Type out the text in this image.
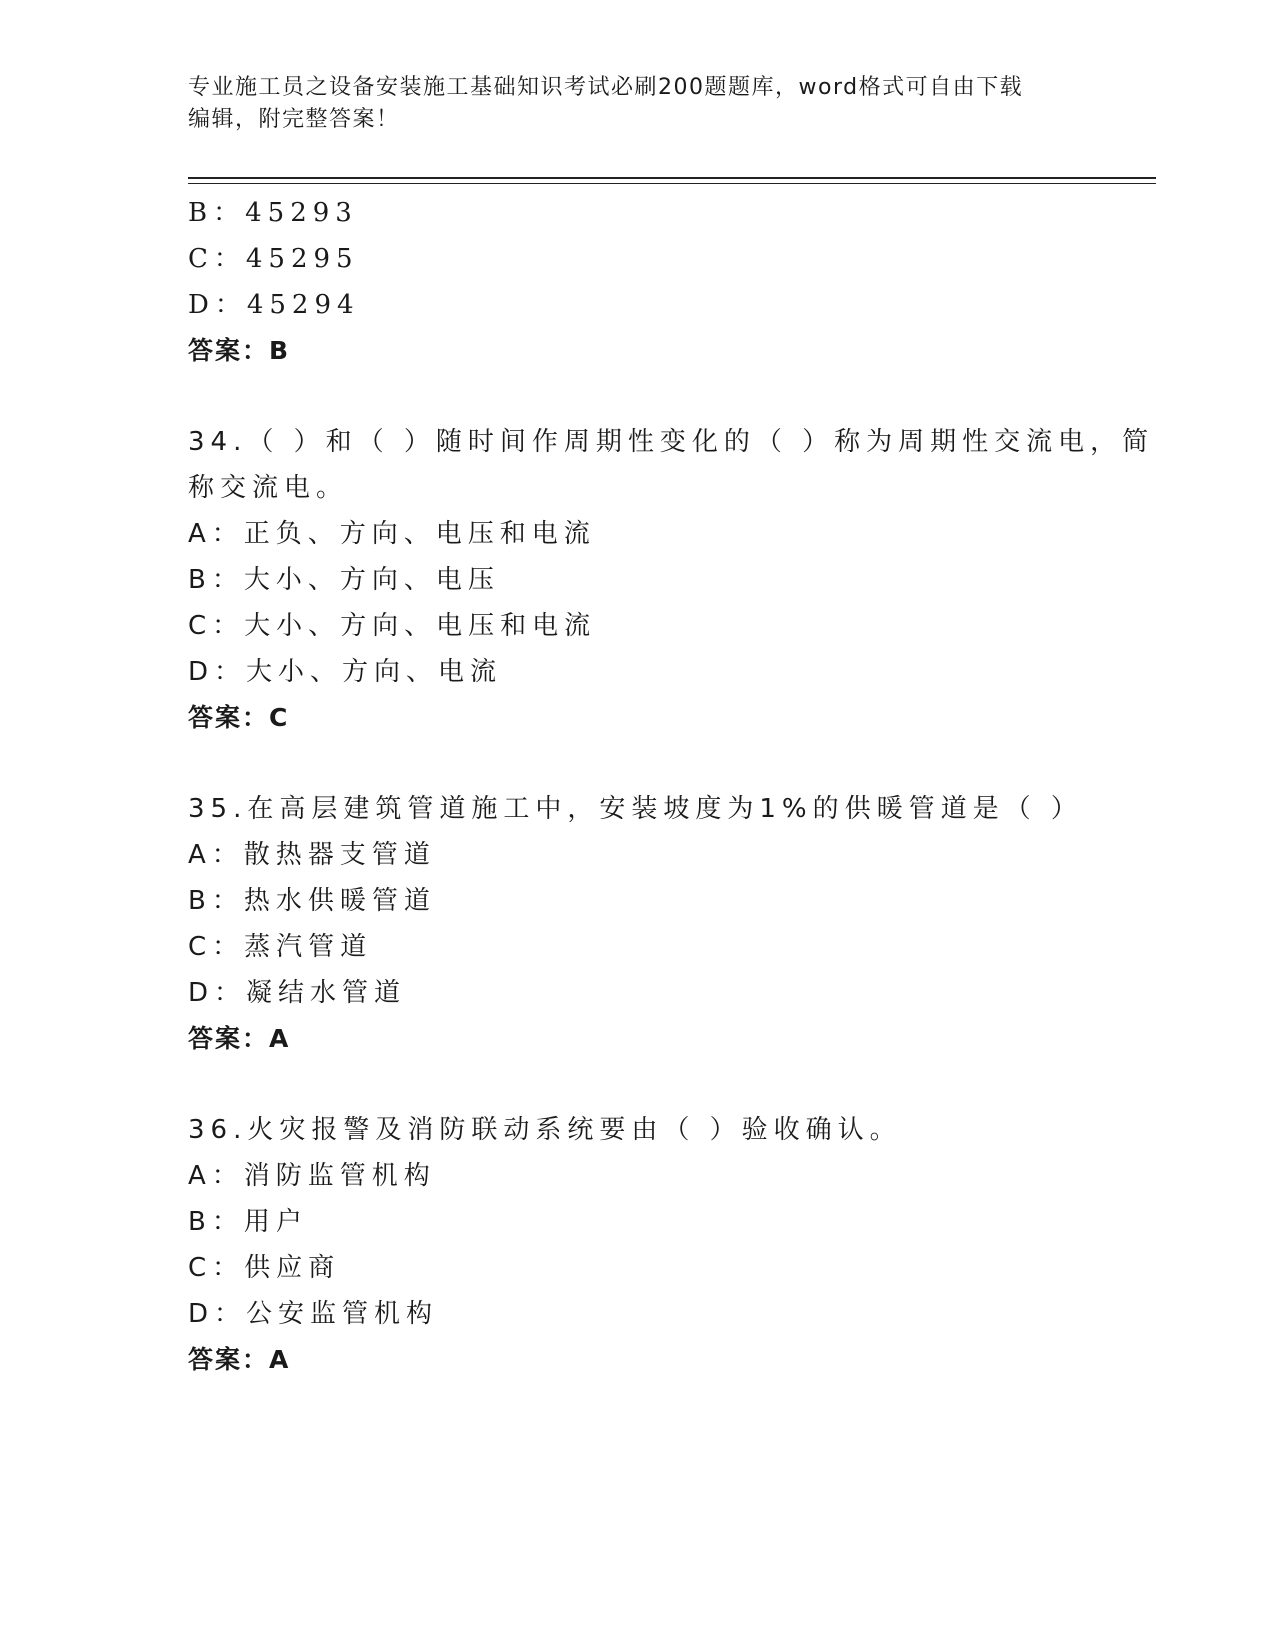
专业施工员之设备安装施工基础知识考试必刷200题题库，word格式可自由下载
编辑，附完整答案！
B：45293
C：45295
D：45294
答案：B
34.（ ）和（ ）随时间作周期性变化的（ ）称为周期性交流电，简
称交流电。
A：正负、方向、电压和电流
B：大小、方向、电压
C：大小、方向、电压和电流
D：大小、方向、电流
答案：C
35.在高层建筑管道施工中，安装坡度为1%的供暖管道是（ ）
A：散热器支管道
B：热水供暖管道
C：蒸汽管道
D：凝结水管道
答案：A
36.火灾报警及消防联动系统要由（ ）验收确认。
A：消防监管机构
B：用户
C：供应商
D：公安监管机构
答案：A
